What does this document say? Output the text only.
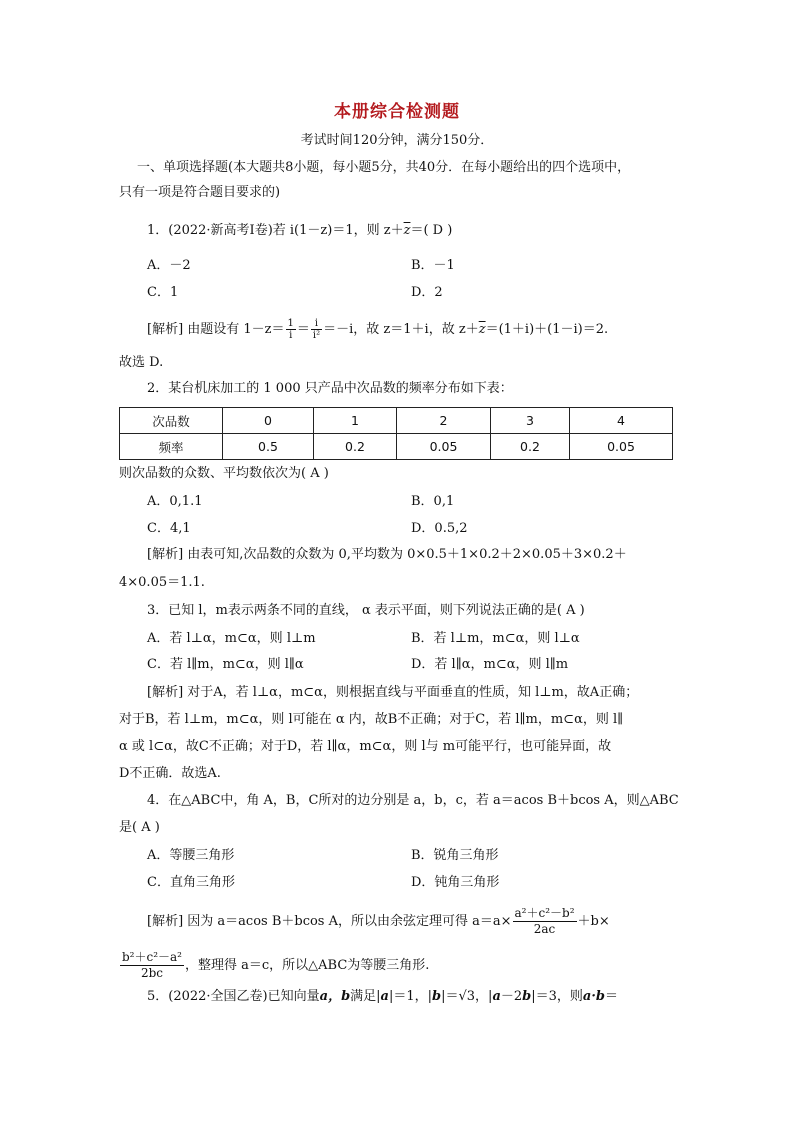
本册综合检测题
考试时间120分钟，满分150分．
一、单项选择题(本大题共8小题，每小题5分，共40分．在每小题给出的四个选项中，
只有一项是符合题目要求的)
1．(2022·新高考Ⅰ卷)若 i(1－z)＝1，则 $z+\overline{z}=$( D )
A．－2	B．－1
C．1	D．2
[解析] 由题设有 $1-z= \frac{1}{i} = \frac{i}{\text{i²}} =-i$，故 z＝1＋i，故 $z+\overline{z}=(1+i)+(1-i)=2$.
故选 D.
2．某台机床加工的 1 000 只产品中次品数的频率分布如下表：
次品数	0	1	2	3	4
频率	0.5	0.2	0.05	0.2	0.05
则次品数的众数、平均数依次为( A )
A．0,1.1	B．0,1
C．4,1	D．0.5,2
[解析] 由表可知,次品数的众数为 0,平均数为 0×0.5＋1×0.2＋2×0.05＋3×0.2＋
4×0.05＝1.1.
3．已知 l，m表示两条不同的直线， α 表示平面，则下列说法正确的是( A )
A．若 l⊥α，m⊂α，则 l⊥m	B．若 l⊥m，m⊂α，则 l⊥α
C．若 l∥m，m⊂α，则 l∥α	D．若 l∥α，m⊂α，则 l∥m
[解析] 对于A，若 l⊥α，m⊂α，则根据直线与平面垂直的性质，知 l⊥m，故A正确；
对于B，若 l⊥m，m⊂α，则 l可能在 α 内，故B不正确；对于C，若 l∥m，m⊂α，则 l∥
α 或 l⊂α，故C不正确；对于D，若 l∥α，m⊂α，则 l与 m可能平行，也可能异面，故
D不正确．故选A.
4．在△ABC中，角 A，B，C所对的边分别是 a，b，c，若 a＝acos B＋bcos A，则△ABC
是( A )
A．等腰三角形	B．锐角三角形
C．直角三角形	D．钝角三角形
[解析] 因为 a＝acos B＋bcos A，所以由余弦定理可得 $a=a\times \frac{\text{a²＋c²－b²}}{2ac} +b\times$
$\frac{\text{b²＋c²－a²}}{2bc}$ ，整理得 a＝c，所以△ABC为等腰三角形.
5．(2022·全国乙卷)已知向量a，b满足|a|＝1，|b|＝√3，|a－2b|＝3，则a·b＝
